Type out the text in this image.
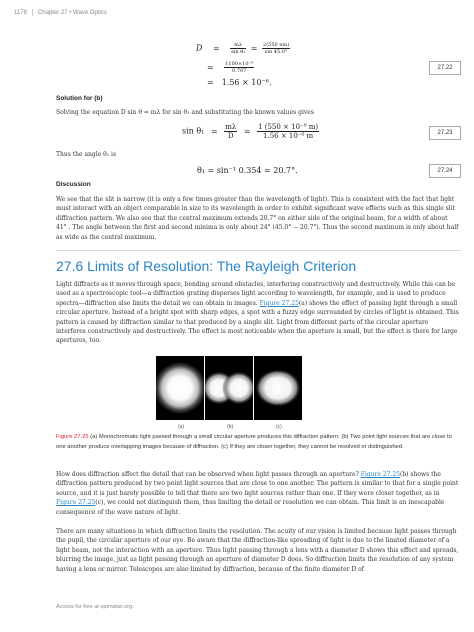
1178 Chapter 27 • Wave Optics
$D = \frac{m\lambda}{\text{sin θ₁}} = \frac{2(550 nm)}{\sin 45.0^\circ}$
= $\frac{\text{1100×10⁻⁹}}{0.707}$	27.22
= 1.56 × 10⁻⁶.
Solution for (b)

Solving the equation D sin θ = mλ for sin θ₁ and substituting the known values gives

$\sin \theta_1 = \frac{m\lambda}{D} = \frac{\text{1 (550 × 10⁻⁹ m)}}{\text{1.56 × 10⁻⁶ m}}$	27.23

Thus the angle θ₁ is

θ₁ = sin⁻¹ 0.354 = 20.7°.	27.24
Discussion

We see that the slit is narrow (it is only a few times greater than the wavelength of light). This is consistent with the fact that light must interact with an object comparable in size to its wavelength in order to exhibit significant wave effects such as this single slit diffraction pattern. We also see that the central maximum extends 20.7° on either side of the original beam, for a width of about 41° . The angle between the first and second minima is only about 24° (45.0° − 20.7°). Thus the second maximum is only about half as wide as the central maximum.

27.6 Limits of Resolution: The Rayleigh Criterion

Light diffracts as it moves through space, bending around obstacles, interfering constructively and destructively. While this can be used as a spectroscopic tool—a diffraction grating disperses light according to wavelength, for example, and is used to produce spectra—diffraction also limits the detail we can obtain in images. Figure 27.25(a) shows the effect of passing light through a small circular aperture. Instead of a bright spot with sharp edges, a spot with a fuzzy edge surrounded by circles of light is obtained. This pattern is caused by diffraction similar to that produced by a single slit. Light from different parts of the circular aperture interferes constructively and destructively. The effect is most noticeable when the aperture is small, but the effect is there for large apertures, too.

(a)	(b)	(c)

Figure 27.25 (a) Monochromatic light passed through a small circular aperture produces this diffraction pattern. (b) Two point light sources that are close to one another produce overlapping images because of diffraction. (c) If they are closer together, they cannot be resolved or distinguished.

How does diffraction affect the detail that can be observed when light passes through an aperture? Figure 27.25(b) shows the diffraction pattern produced by two point light sources that are close to one another. The pattern is similar to that for a single point source, and it is just barely possible to tell that there are two light sources rather than one. If they were closer together, as in Figure 27.25(c), we could not distinguish them, thus limiting the detail or resolution we can obtain. This limit is an inescapable consequence of the wave nature of light.

There are many situations in which diffraction limits the resolution. The acuity of our vision is limited because light passes through the pupil, the circular aperture of our eye. Be aware that the diffraction-like spreading of light is due to the limited diameter of a light beam, not the interaction with an aperture. Thus light passing through a lens with a diameter D shows this effect and spreads, blurring the image, just as light passing through an aperture of diameter D does. So diffraction limits the resolution of any system having a lens or mirror. Telescopes are also limited by diffraction, because of the finite diameter D of

Access for free at openstax.org.
